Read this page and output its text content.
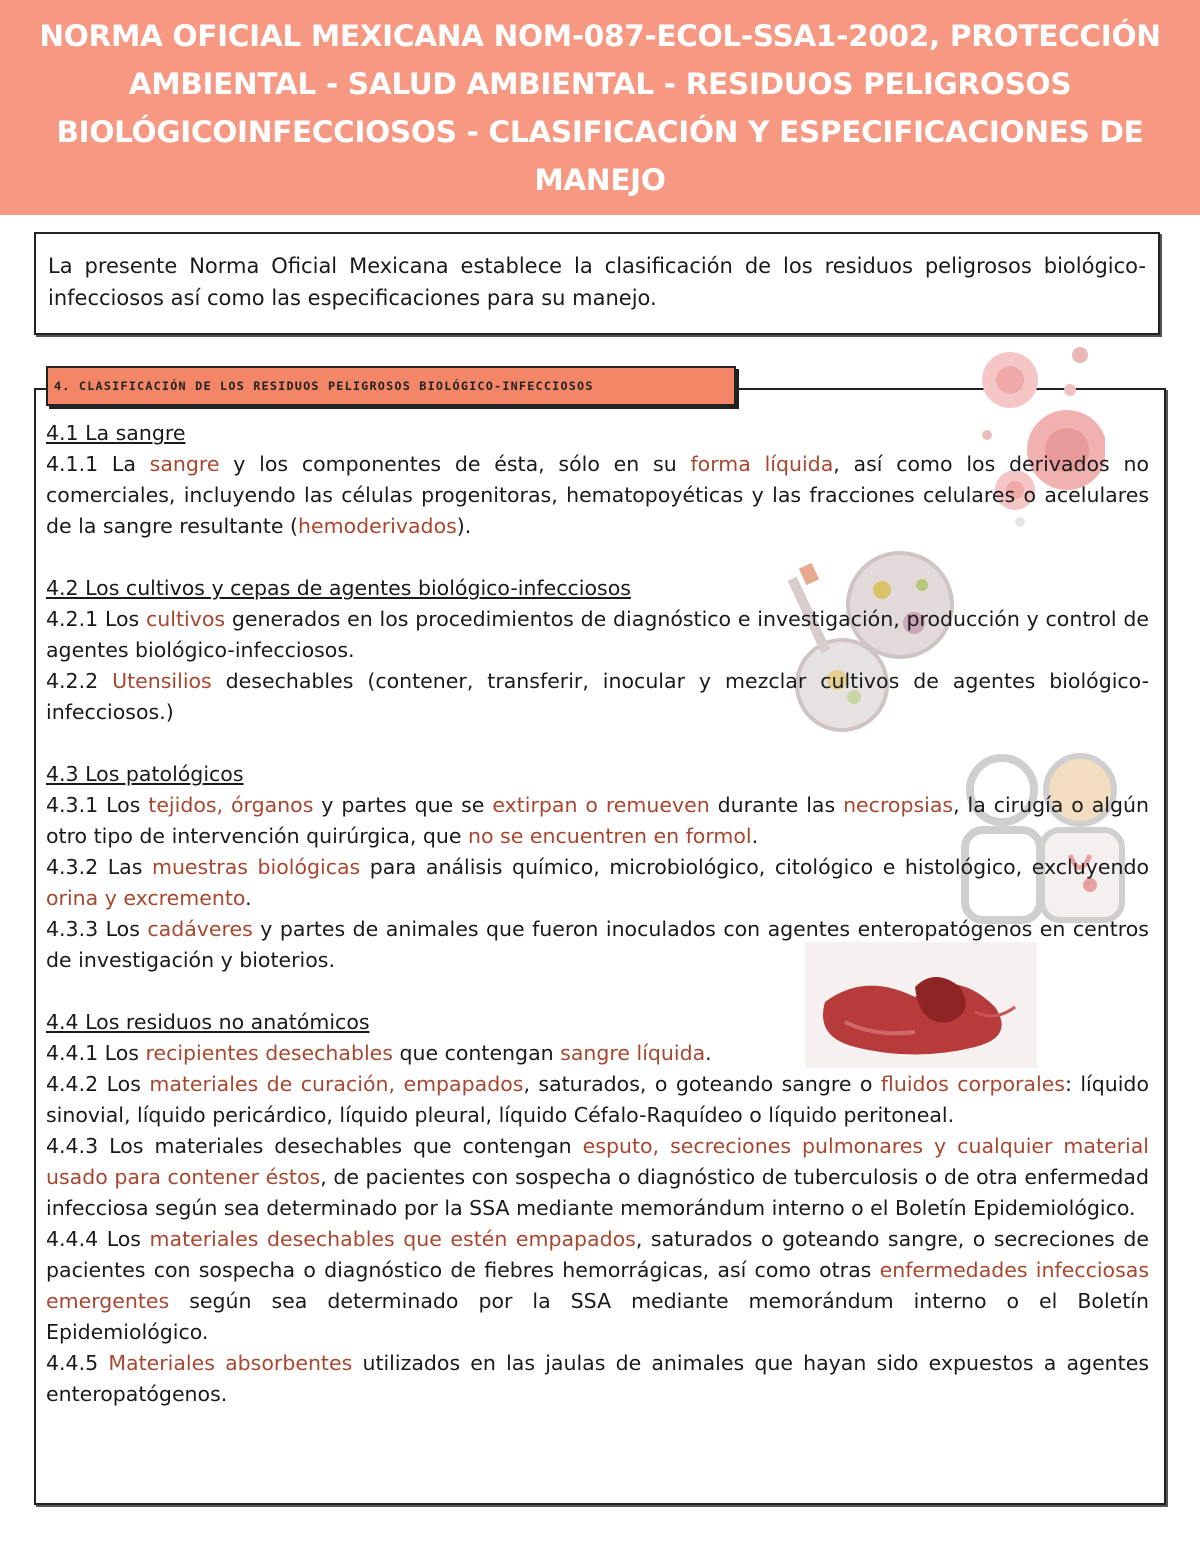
NORMA OFICIAL MEXICANA NOM-087-ECOL-SSA1-2002, PROTECCIÓN AMBIENTAL - SALUD AMBIENTAL - RESIDUOS PELIGROSOS BIOLÓGICOINFECCIOSOS - CLASIFICACIÓN Y ESPECIFICACIONES DE MANEJO
La presente Norma Oficial Mexicana establece la clasificación de los residuos peligrosos biológico-infecciosos así como las especificaciones para su manejo.
4. CLASIFICACIÓN DE LOS RESIDUOS PELIGROSOS BIOLÓGICO-INFECCIOSOS

4.1 La sangre

4.1.1 La sangre y los componentes de ésta, sólo en su forma líquida, así como los derivados no comerciales, incluyendo las células progenitoras, hematopoyéticas y las fracciones celulares o acelulares de la sangre resultante (hemoderivados).

4.2 Los cultivos y cepas de agentes biológico-infecciosos

4.2.1 Los cultivos generados en los procedimientos de diagnóstico e investigación, producción y control de agentes biológico-infecciosos.

4.2.2 Utensilios desechables (contener, transferir, inocular y mezclar cultivos de agentes biológico-infecciosos.)

4.3 Los patológicos

4.3.1 Los tejidos, órganos y partes que se extirpan o remueven durante las necropsias, la cirugía o algún otro tipo de intervención quirúrgica, que no se encuentren en formol.

4.3.2 Las muestras biológicas para análisis químico, microbiológico, citológico e histológico, excluyendo orina y excremento.

4.3.3 Los cadáveres y partes de animales que fueron inoculados con agentes enteropatógenos en centros de investigación y bioterios.

4.4 Los residuos no anatómicos

4.4.1 Los recipientes desechables que contengan sangre líquida.

4.4.2 Los materiales de curación, empapados, saturados, o goteando sangre o fluidos corporales: líquido sinovial, líquido pericárdico, líquido pleural, líquido Céfalo-Raquídeo o líquido peritoneal.

4.4.3 Los materiales desechables que contengan esputo, secreciones pulmonares y cualquier material usado para contener éstos, de pacientes con sospecha o diagnóstico de tuberculosis o de otra enfermedad infecciosa según sea determinado por la SSA mediante memorándum interno o el Boletín Epidemiológico.

4.4.4 Los materiales desechables que estén empapados, saturados o goteando sangre, o secreciones de pacientes con sospecha o diagnóstico de fiebres hemorrágicas, así como otras enfermedades infecciosas emergentes según sea determinado por la SSA mediante memorándum interno o el Boletín Epidemiológico.

4.4.5 Materiales absorbentes utilizados en las jaulas de animales que hayan sido expuestos a agentes enteropatógenos.
